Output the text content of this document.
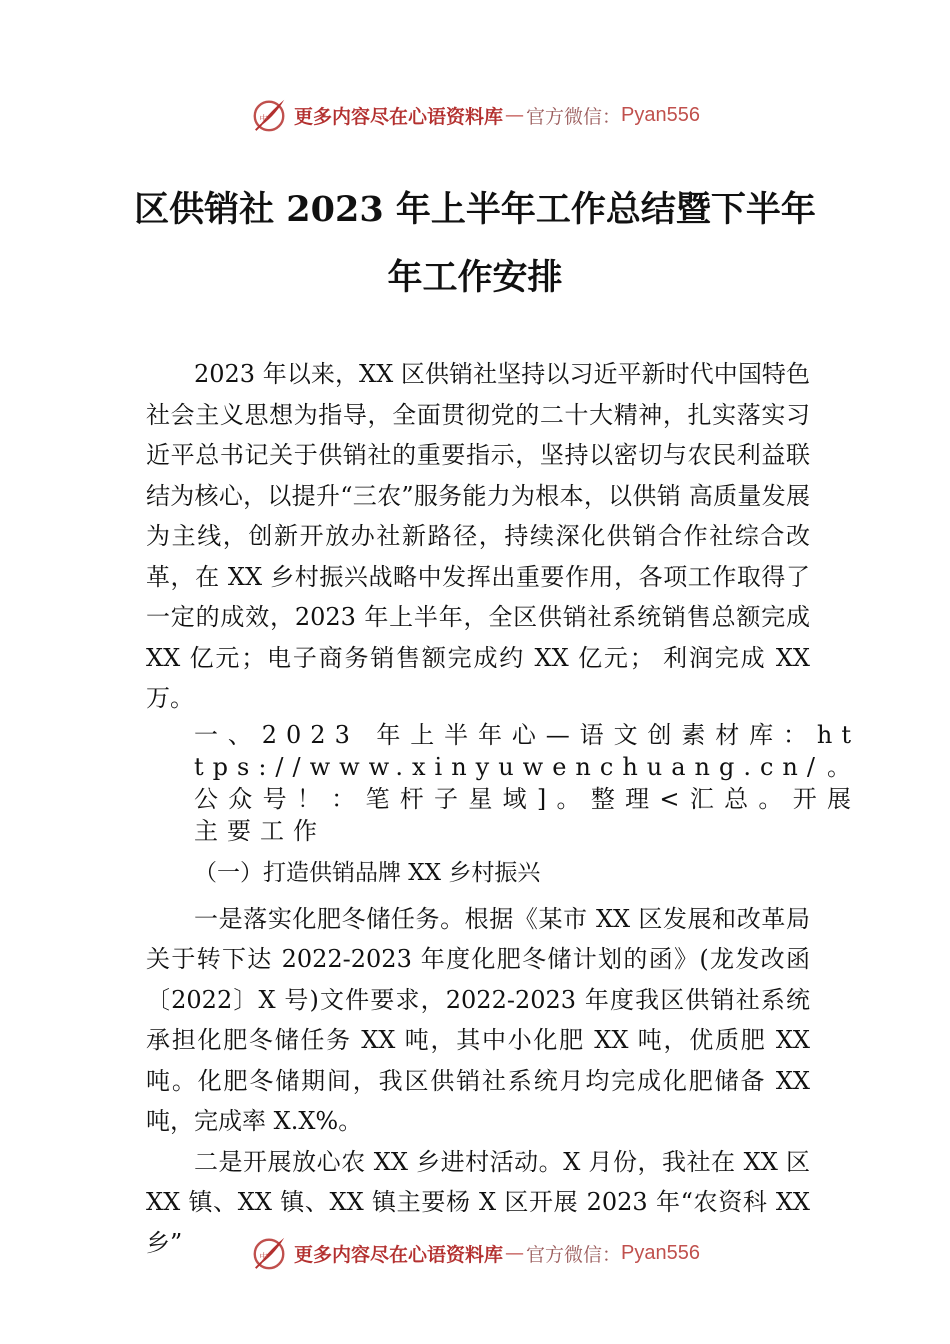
中 更多内容尽在心语资料库 — 官方微信： Pyan556
区供销社 2023 年上半年工作总结暨下半年
年工作安排

2023 年以来，XX 区供销社坚持以习近平新时代中国特色社会主义思想为指导，全面贯彻党的二十大精神，扎实落实习近平总书记关于供销社的重要指示，坚持以密切与农民利益联结为核心，以提升“三农”服务能力为根本，以供销 高质量发展为主线，创新开放办社新路径，持续深化供销合作社综合改革，在 XX 乡村振兴战略中发挥出重要作用，各项工作取得了一定的成效，2023 年上半年，全区供销社系统销售总额完成 XX 亿元；电子商务销售额完成约 XX 亿元； 利润完成 XX 万。

一、2023 年上半年心—语文创素材库：https://www.xinyuwenchuang.cn/。公众号！：笔杆子星域]。整理<汇总。开展主要工作

（一）打造供销品牌 XX 乡村振兴

一是落实化肥冬储任务。根据《某市 XX 区发展和改革局关于转下达 2022-2023 年度化肥冬储计划的函》(龙发改函〔2022〕X 号)文件要求，2022-2023 年度我区供销社系统承担化肥冬储任务 XX 吨，其中小化肥 XX 吨，优质肥 XX 吨。化肥冬储期间，我区供销社系统月均完成化肥储备 XX 吨，完成率 X.X%。

二是开展放心农 XX 乡进村活动。X 月份，我社在 XX 区 XX 镇、XX 镇、XX 镇主要杨 X 区开展 2023 年“农资科 XX 乡”

中 更多内容尽在心语资料库 — 官方微信： Pyan556
